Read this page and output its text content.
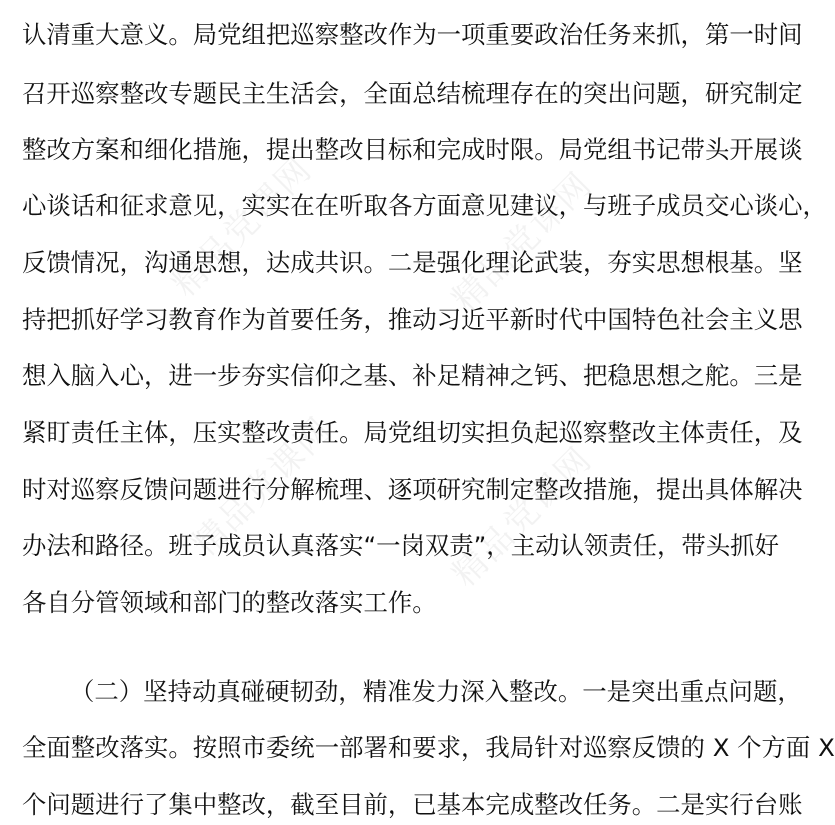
精品党课网	精品党课网
精品党课网	精品党课网
认清重大意义。局党组把巡察整改作为一项重要政治任务来抓，第一时间
召开巡察整改专题民主生活会，全面总结梳理存在的突出问题，研究制定
整改方案和细化措施，提出整改目标和完成时限。局党组书记带头开展谈
心谈话和征求意见，实实在在听取各方面意见建议，与班子成员交心谈心，
反馈情况，沟通思想，达成共识。二是强化理论武装，夯实思想根基。坚
持把抓好学习教育作为首要任务，推动习近平新时代中国特色社会主义思
想入脑入心，进一步夯实信仰之基、补足精神之钙、把稳思想之舵。三是
紧盯责任主体，压实整改责任。局党组切实担负起巡察整改主体责任，及
时对巡察反馈问题进行分解梳理、逐项研究制定整改措施，提出具体解决
办法和路径。班子成员认真落实“一岗双责”，主动认领责任，带头抓好
各自分管领域和部门的整改落实工作。
（二）坚持动真碰硬韧劲，精准发力深入整改。一是突出重点问题，
全面整改落实。按照市委统一部署和要求，我局针对巡察反馈的 X 个方面 X
个问题进行了集中整改，截至目前，已基本完成整改任务。二是实行台账
